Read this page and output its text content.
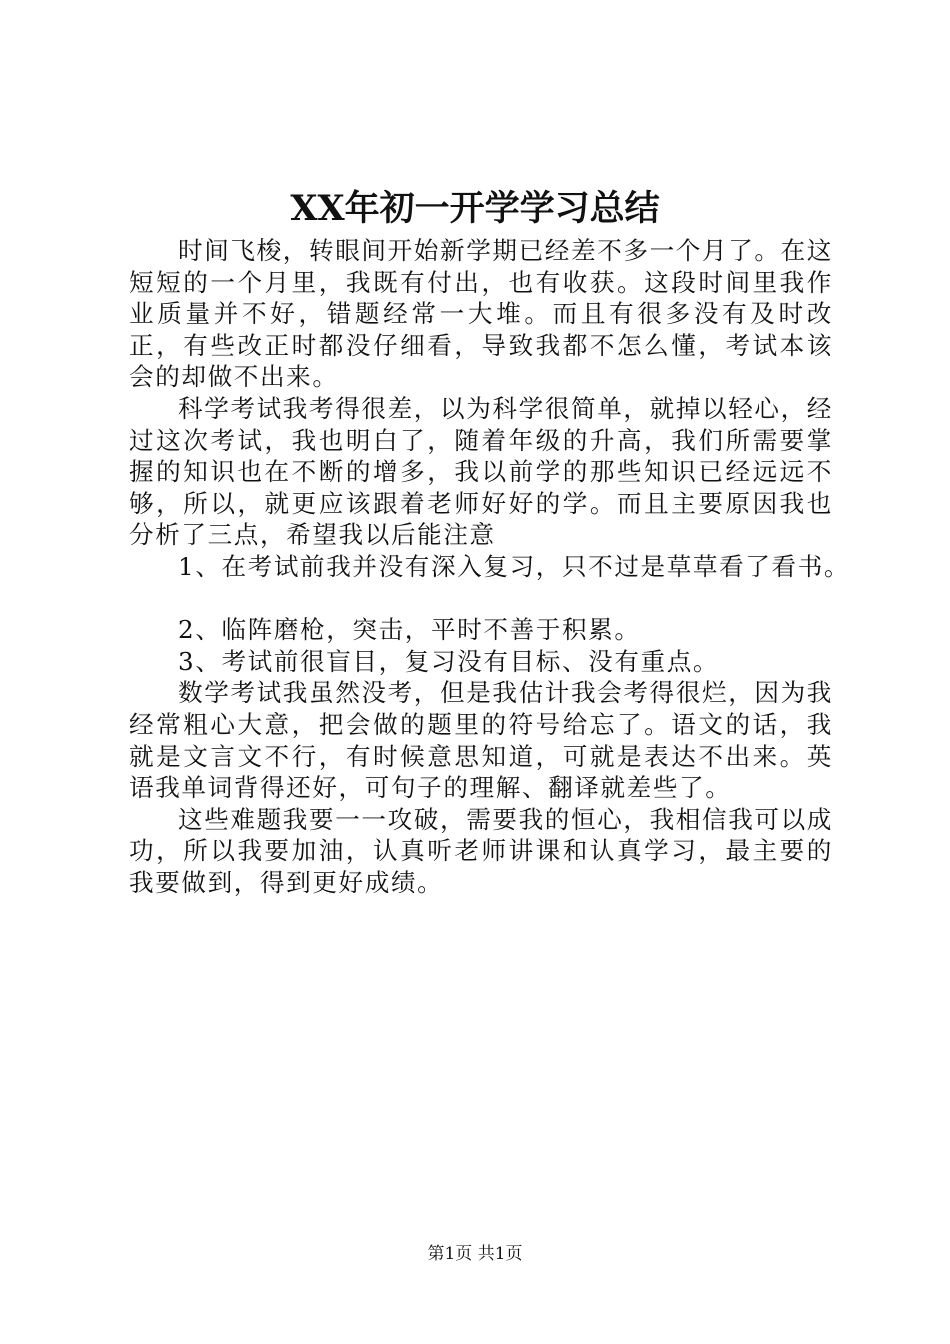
XX年初一开学学习总结

时间飞梭，转眼间开始新学期已经差不多一个月了。在这短短的一个月里，我既有付出，也有收获。这段时间里我作业质量并不好，错题经常一大堆。而且有很多没有及时改正，有些改正时都没仔细看，导致我都不怎么懂，考试本该会的却做不出来。

科学考试我考得很差，以为科学很简单，就掉以轻心，经过这次考试，我也明白了，随着年级的升高，我们所需要掌握的知识也在不断的增多，我以前学的那些知识已经远远不够，所以，就更应该跟着老师好好的学。而且主要原因我也分析了三点，希望我以后能注意

1、在考试前我并没有深入复习，只不过是草草看了看书。

2、临阵磨枪，突击，平时不善于积累。

3、考试前很盲目，复习没有目标、没有重点。

数学考试我虽然没考，但是我估计我会考得很烂，因为我经常粗心大意，把会做的题里的符号给忘了。语文的话，我就是文言文不行，有时候意思知道，可就是表达不出来。英语我单词背得还好，可句子的理解、翻译就差些了。

这些难题我要一一攻破，需要我的恒心，我相信我可以成功，所以我要加油，认真听老师讲课和认真学习，最主要的我要做到，得到更好成绩。

第1页 共1页
